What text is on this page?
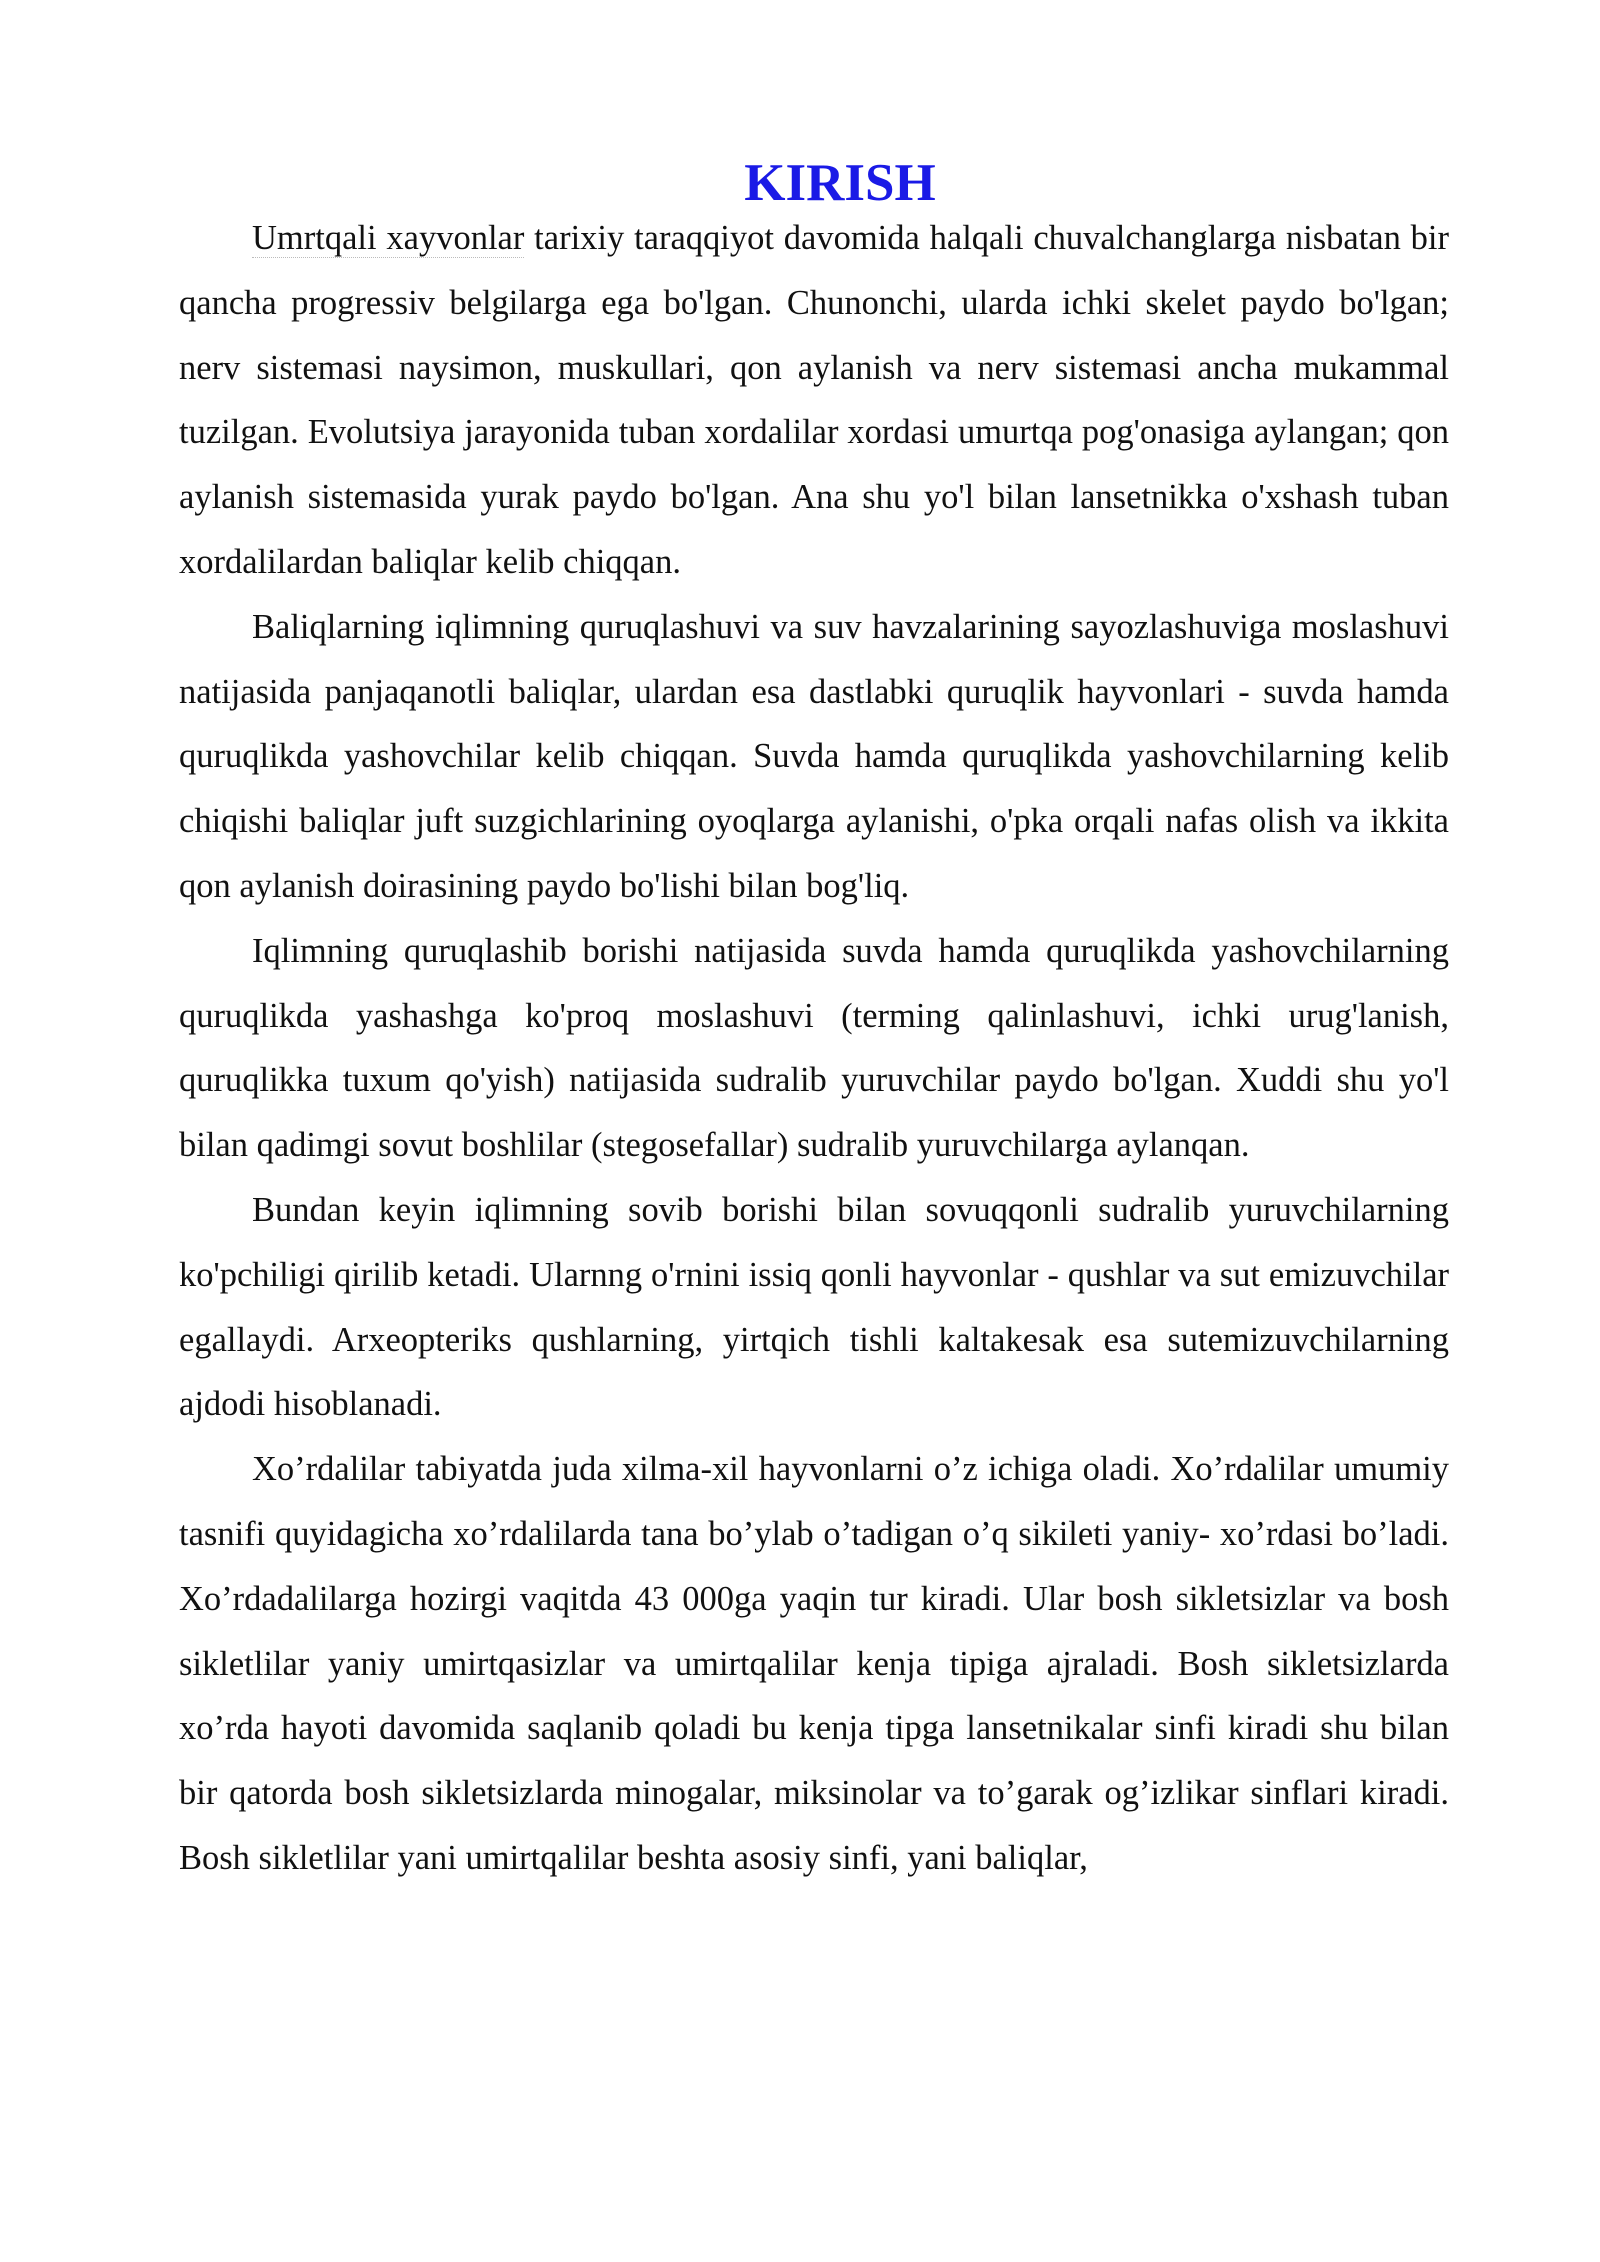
KIRISH

Umrtqali xayvonlar tarixiy taraqqiyot davomida halqali chuvalchanglarga nisbatan bir qancha progressiv belgilarga ega bo'lgan. Chunonchi, ularda ichki skelet paydo bo'lgan; nerv sistemasi naysimon, muskullari, qon aylanish va nerv sistemasi ancha mukammal tuzilgan. Evolutsiya jarayonida tuban xordalilar xordasi umurtqa pog'onasiga aylangan; qon aylanish sistemasida yurak paydo bo'lgan. Ana shu yo'l bilan lansetnikka o'xshash tuban xordalilardan baliqlar kelib chiqqan.

Baliqlarning iqlimning quruqlashuvi va suv havzalarining sayozlashuviga moslashuvi natijasida panjaqanotli baliqlar, ulardan esa dastlabki quruqlik hayvonlari - suvda hamda quruqlikda yashovchilar kelib chiqqan. Suvda hamda quruqlikda yashovchilarning kelib chiqishi baliqlar juft suzgichlarining oyoqlarga aylanishi, o'pka orqali nafas olish va ikkita qon aylanish doirasining paydo bo'lishi bilan bog'liq.

Iqlimning quruqlashib borishi natijasida suvda hamda quruqlikda yashovchilarning quruqlikda yashashga ko'proq moslashuvi (terming qalinlashuvi, ichki urug'lanish, quruqlikka tuxum qo'yish) natijasida sudralib yuruvchilar paydo bo'lgan. Xuddi shu yo'l bilan qadimgi sovut boshlilar (stegosefallar) sudralib yuruvchilarga aylanqan.

Bundan keyin iqlimning sovib borishi bilan sovuqqonli sudralib yuruvchilarning ko'pchiligi qirilib ketadi. Ularnng o'rnini issiq qonli hayvonlar - qushlar va sut emizuvchilar egallaydi. Arxeopteriks qushlarning, yirtqich tishli kaltakesak esa sutemizuvchilarning ajdodi hisoblanadi.

Xo’rdalilar tabiyatda juda xilma-xil hayvonlarni o’z ichiga oladi. Xo’rdalilar umumiy tasnifi quyidagicha xo’rdalilarda tana bo’ylab o’tadigan o’q sikileti yaniy- xo’rdasi bo’ladi. Xo’rdadalilarga hozirgi vaqitda 43 000ga yaqin tur kiradi. Ular bosh sikletsizlar va bosh sikletlilar yaniy umirtqasizlar va umirtqalilar kenja tipiga ajraladi. Bosh sikletsizlarda xo’rda hayoti davomida saqlanib qoladi bu kenja tipga lansetnikalar sinfi kiradi shu bilan bir qatorda bosh sikletsizlarda minogalar, miksinolar va to’garak og’izlikar sinflari kiradi. Bosh sikletlilar yani umirtqalilar beshta asosiy sinfi, yani baliqlar,
